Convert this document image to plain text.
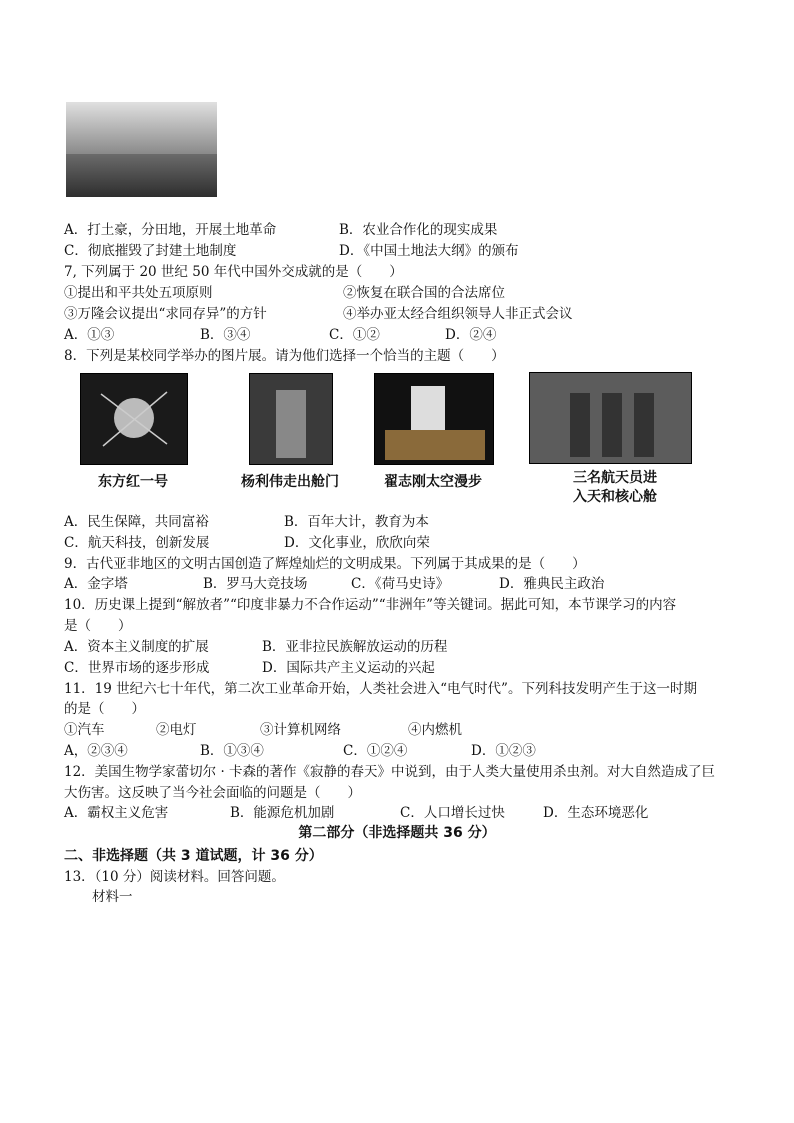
A．打土豪，分田地，开展土地革命	B．农业合作化的现实成果
C．彻底摧毁了封建土地制度	D．《中国土地法大纲》的颁布
7, 下列属于 20 世纪 50 年代中国外交成就的是（　　）
①提出和平共处五项原则	②恢复在联合国的合法席位
③万隆会议提出“求同存异”的方针	④举办亚太经合组织领导人非正式会议
A．①③	B．③④	C．①②	D．②④
8．下列是某校同学举办的图片展。请为他们选择一个恰当的主题（　　）
东方红一号	杨利伟走出舱门	翟志刚太空漫步	三名航天员进
入天和核心舱
A．民生保障，共同富裕	B．百年大计，教育为本
C．航天科技，创新发展	D．文化事业，欣欣向荣
9．古代亚非地区的文明古国创造了辉煌灿烂的文明成果。下列属于其成果的是（　　）
A．金字塔	B．罗马大竞技场	C．《荷马史诗》	D．雅典民主政治
10．历史课上提到“解放者”“印度非暴力不合作运动”“非洲年”等关键词。据此可知，本节课学习的内容
是（　　）
A．资本主义制度的扩展	B．亚非拉民族解放运动的历程
C．世界市场的逐步形成	D．国际共产主义运动的兴起
11．19 世纪六七十年代，第二次工业革命开始，人类社会进入“电气时代”。下列科技发明产生于这一时期
的是（　　）
①汽车	②电灯	③计算机网络	④内燃机
A，②③④	B．①③④	C．①②④	D．①②③
12．美国生物学家蕾切尔 · 卡森的著作《寂静的春天》中说到，由于人类大量使用杀虫剂。对大自然造成了巨
大伤害。这反映了当今社会面临的问题是（　　）
A．霸权主义危害	B．能源危机加剧	C．人口增长过快	D．生态环境恶化
第二部分（非选择题共 36 分）
二、非选择题（共 3 道试题，计 36 分）
13．（10 分）阅读材料。回答问题。
材料一
